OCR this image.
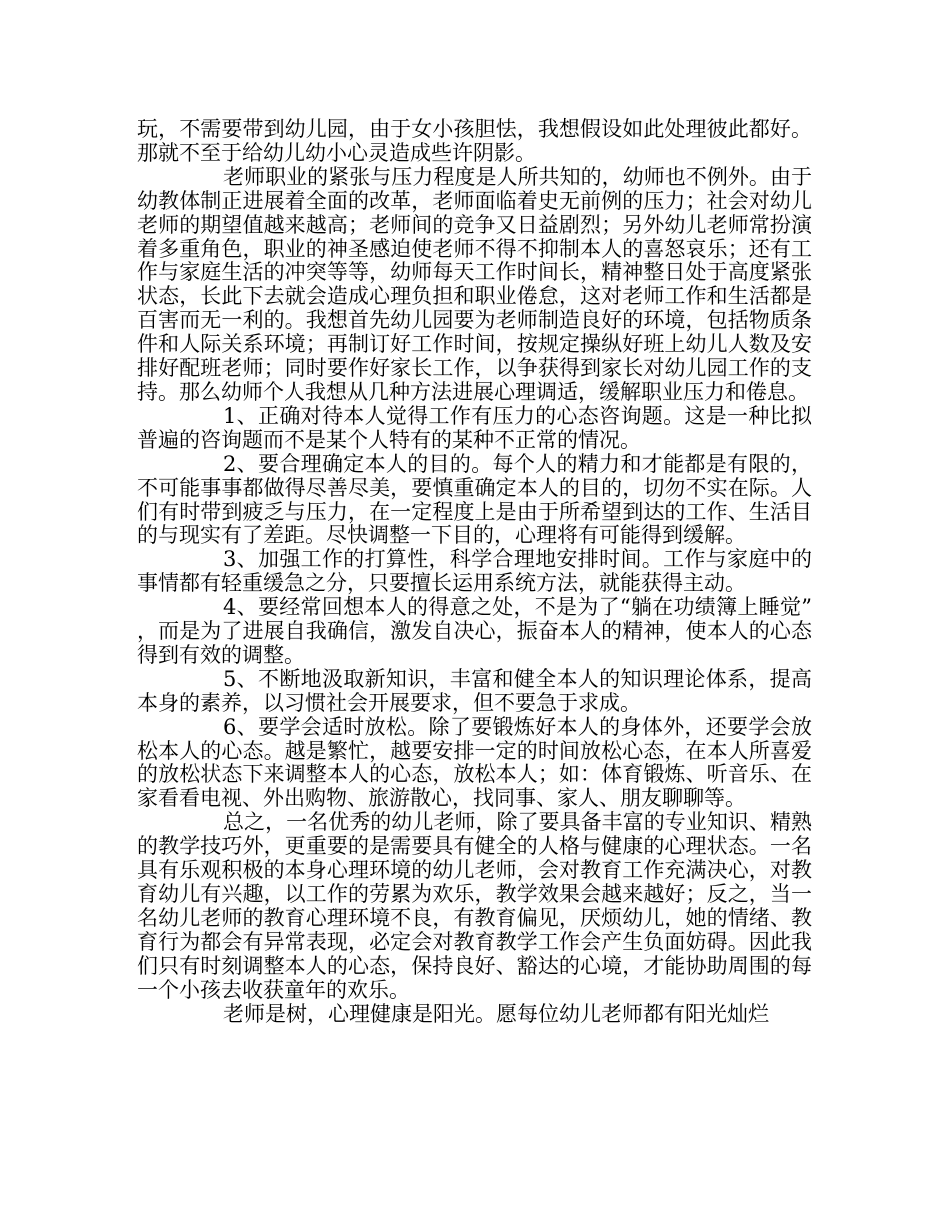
玩，不需要带到幼儿园，由于女小孩胆怯，我想假设如此处理彼此都好。那就不至于给幼儿幼小心灵造成些许阴影。

老师职业的紧张与压力程度是人所共知的，幼师也不例外。由于幼教体制正进展着全面的改革，老师面临着史无前例的压力；社会对幼儿老师的期望值越来越高；老师间的竞争又日益剧烈；另外幼儿老师常扮演着多重角色，职业的神圣感迫使老师不得不抑制本人的喜怒哀乐；还有工作与家庭生活的冲突等等，幼师每天工作时间长，精神整日处于高度紧张状态，长此下去就会造成心理负担和职业倦怠，这对老师工作和生活都是百害而无一利的。我想首先幼儿园要为老师制造良好的环境，包括物质条件和人际关系环境；再制订好工作时间，按规定操纵好班上幼儿人数及安排好配班老师；同时要作好家长工作，以争获得到家长对幼儿园工作的支持。那么幼师个人我想从几种方法进展心理调适，缓解职业压力和倦息。

1、正确对待本人觉得工作有压力的心态咨询题。这是一种比拟普遍的咨询题而不是某个人特有的某种不正常的情况。

2、要合理确定本人的目的。每个人的精力和才能都是有限的，不可能事事都做得尽善尽美，要慎重确定本人的目的，切勿不实在际。人们有时带到疲乏与压力，在一定程度上是由于所希望到达的工作、生活目的与现实有了差距。尽快调整一下目的，心理将有可能得到缓解。

3、加强工作的打算性，科学合理地安排时间。工作与家庭中的事情都有轻重缓急之分，只要擅长运用系统方法，就能获得主动。

4、要经常回想本人的得意之处，不是为了“躺在功绩簿上睡觉”，而是为了进展自我确信，激发自决心，振奋本人的精神，使本人的心态得到有效的调整。

5、不断地汲取新知识，丰富和健全本人的知识理论体系，提高本身的素养，以习惯社会开展要求，但不要急于求成。

6、要学会适时放松。除了要锻炼好本人的身体外，还要学会放松本人的心态。越是繁忙，越要安排一定的时间放松心态，在本人所喜爱的放松状态下来调整本人的心态，放松本人；如：体育锻炼、听音乐、在家看看电视、外出购物、旅游散心，找同事、家人、朋友聊聊等。

总之，一名优秀的幼儿老师，除了要具备丰富的专业知识、精熟的教学技巧外，更重要的是需要具有健全的人格与健康的心理状态。一名具有乐观积极的本身心理环境的幼儿老师，会对教育工作充满决心，对教育幼儿有兴趣，以工作的劳累为欢乐，教学效果会越来越好；反之，当一名幼儿老师的教育心理环境不良，有教育偏见，厌烦幼儿，她的情绪、教育行为都会有异常表现，必定会对教育教学工作会产生负面妨碍。因此我们只有时刻调整本人的心态，保持良好、豁达的心境，才能协助周围的每一个小孩去收获童年的欢乐。

老师是树，心理健康是阳光。愿每位幼儿老师都有阳光灿烂
